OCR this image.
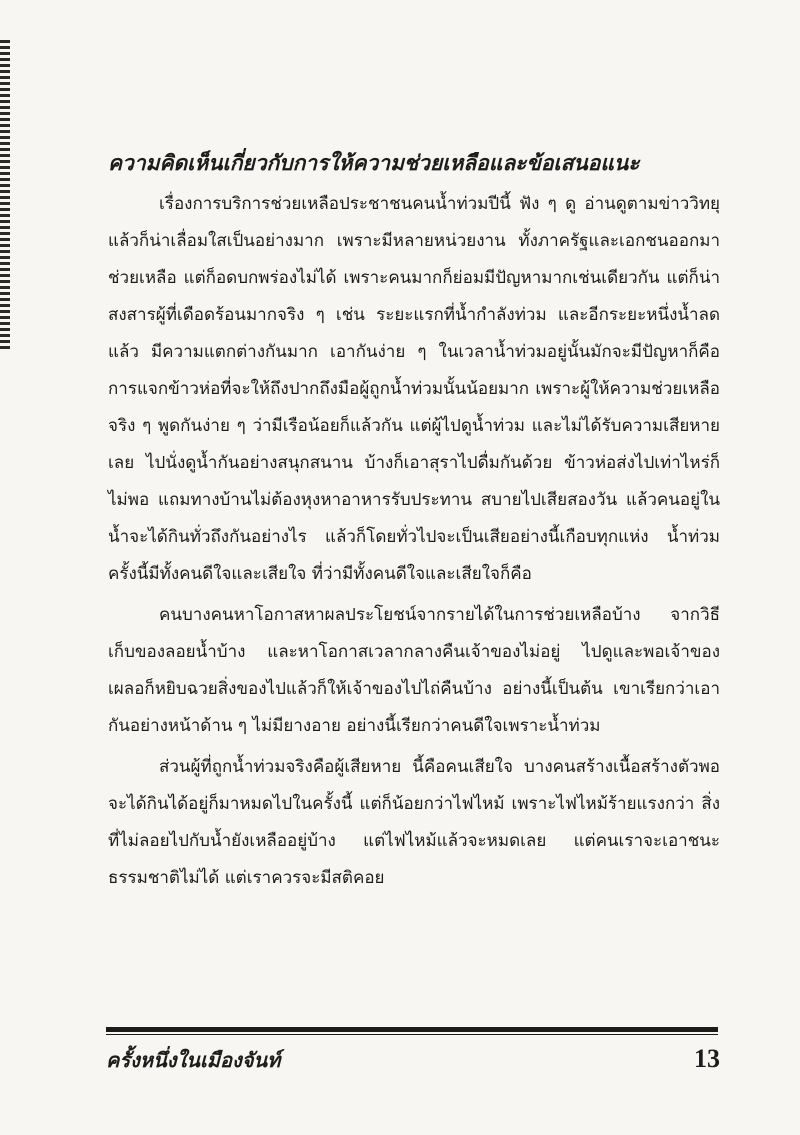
ความคิดเห็นเกี่ยวกับการให้ความช่วยเหลือและข้อเสนอแนะ

   เรื่องการบริการช่วยเหลือประชาชนคนน้ำท่วมปีนี้ ฟัง ๆ ดู อ่านดูตามข่าววิทยุแล้วก็น่าเลื่อมใสเป็นอย่างมาก เพราะมีหลายหน่วยงาน ทั้งภาครัฐและเอกชนออกมาช่วยเหลือ แต่ก็อดบกพร่องไม่ได้ เพราะคนมากก็ย่อมมีปัญหามากเช่นเดียวกัน แต่ก็น่าสงสารผู้ที่เดือดร้อนมากจริง ๆ เช่น ระยะแรกที่น้ำกำลังท่วม และอีกระยะหนึ่งน้ำลดแล้ว มีความแตกต่างกันมาก เอากันง่าย ๆ ในเวลาน้ำท่วมอยู่นั้นมักจะมีปัญหาก็คือ การแจกข้าวห่อที่จะให้ถึงปากถึงมือผู้ถูกน้ำท่วมนั้นน้อยมาก เพราะผู้ให้ความช่วยเหลือจริง ๆ พูดกันง่าย ๆ ว่ามีเรือน้อยก็แล้วกัน แต่ผู้ไปดูน้ำท่วม และไม่ได้รับความเสียหายเลย ไปนั่งดูน้ำกันอย่างสนุกสนาน บ้างก็เอาสุราไปดื่มกันด้วย ข้าวห่อส่งไปเท่าไหร่ก็ไม่พอ แถมทางบ้านไม่ต้องหุงหาอาหารรับประทาน สบายไปเสียสองวัน แล้วคนอยู่ในน้ำจะได้กินทั่วถึงกันอย่างไร แล้วก็โดยทั่วไปจะเป็นเสียอย่างนี้เกือบทุกแห่ง น้ำท่วมครั้งนี้มีทั้งคนดีใจและเสียใจ ที่ว่ามีทั้งคนดีใจและเสียใจก็คือ

   คนบางคนหาโอกาสหาผลประโยชน์จากรายได้ในการช่วยเหลือบ้าง จากวิธีเก็บของลอยน้ำบ้าง และหาโอกาสเวลากลางคืนเจ้าของไม่อยู่ ไปดูและพอเจ้าของเผลอก็หยิบฉวยสิ่งของไปแล้วก็ให้เจ้าของไปไถ่คืนบ้าง อย่างนี้เป็นต้น เขาเรียกว่าเอากันอย่างหน้าด้าน ๆ ไม่มียางอาย อย่างนี้เรียกว่าคนดีใจเพราะน้ำท่วม

   ส่วนผู้ที่ถูกน้ำท่วมจริงคือผู้เสียหาย นี้คือคนเสียใจ บางคนสร้างเนื้อสร้างตัวพอจะได้กินได้อยู่ก็มาหมดไปในครั้งนี้ แต่ก็น้อยกว่าไฟไหม้ เพราะไฟไหม้ร้ายแรงกว่า สิ่งที่ไม่ลอยไปกับน้ำยังเหลืออยู่บ้าง แต่ไฟไหม้แล้วจะหมดเลย แต่คนเราจะเอาชนะธรรมชาติไม่ได้ แต่เราควรจะมีสติคอย

ครั้งหนึ่งในเมืองจันท์	13
